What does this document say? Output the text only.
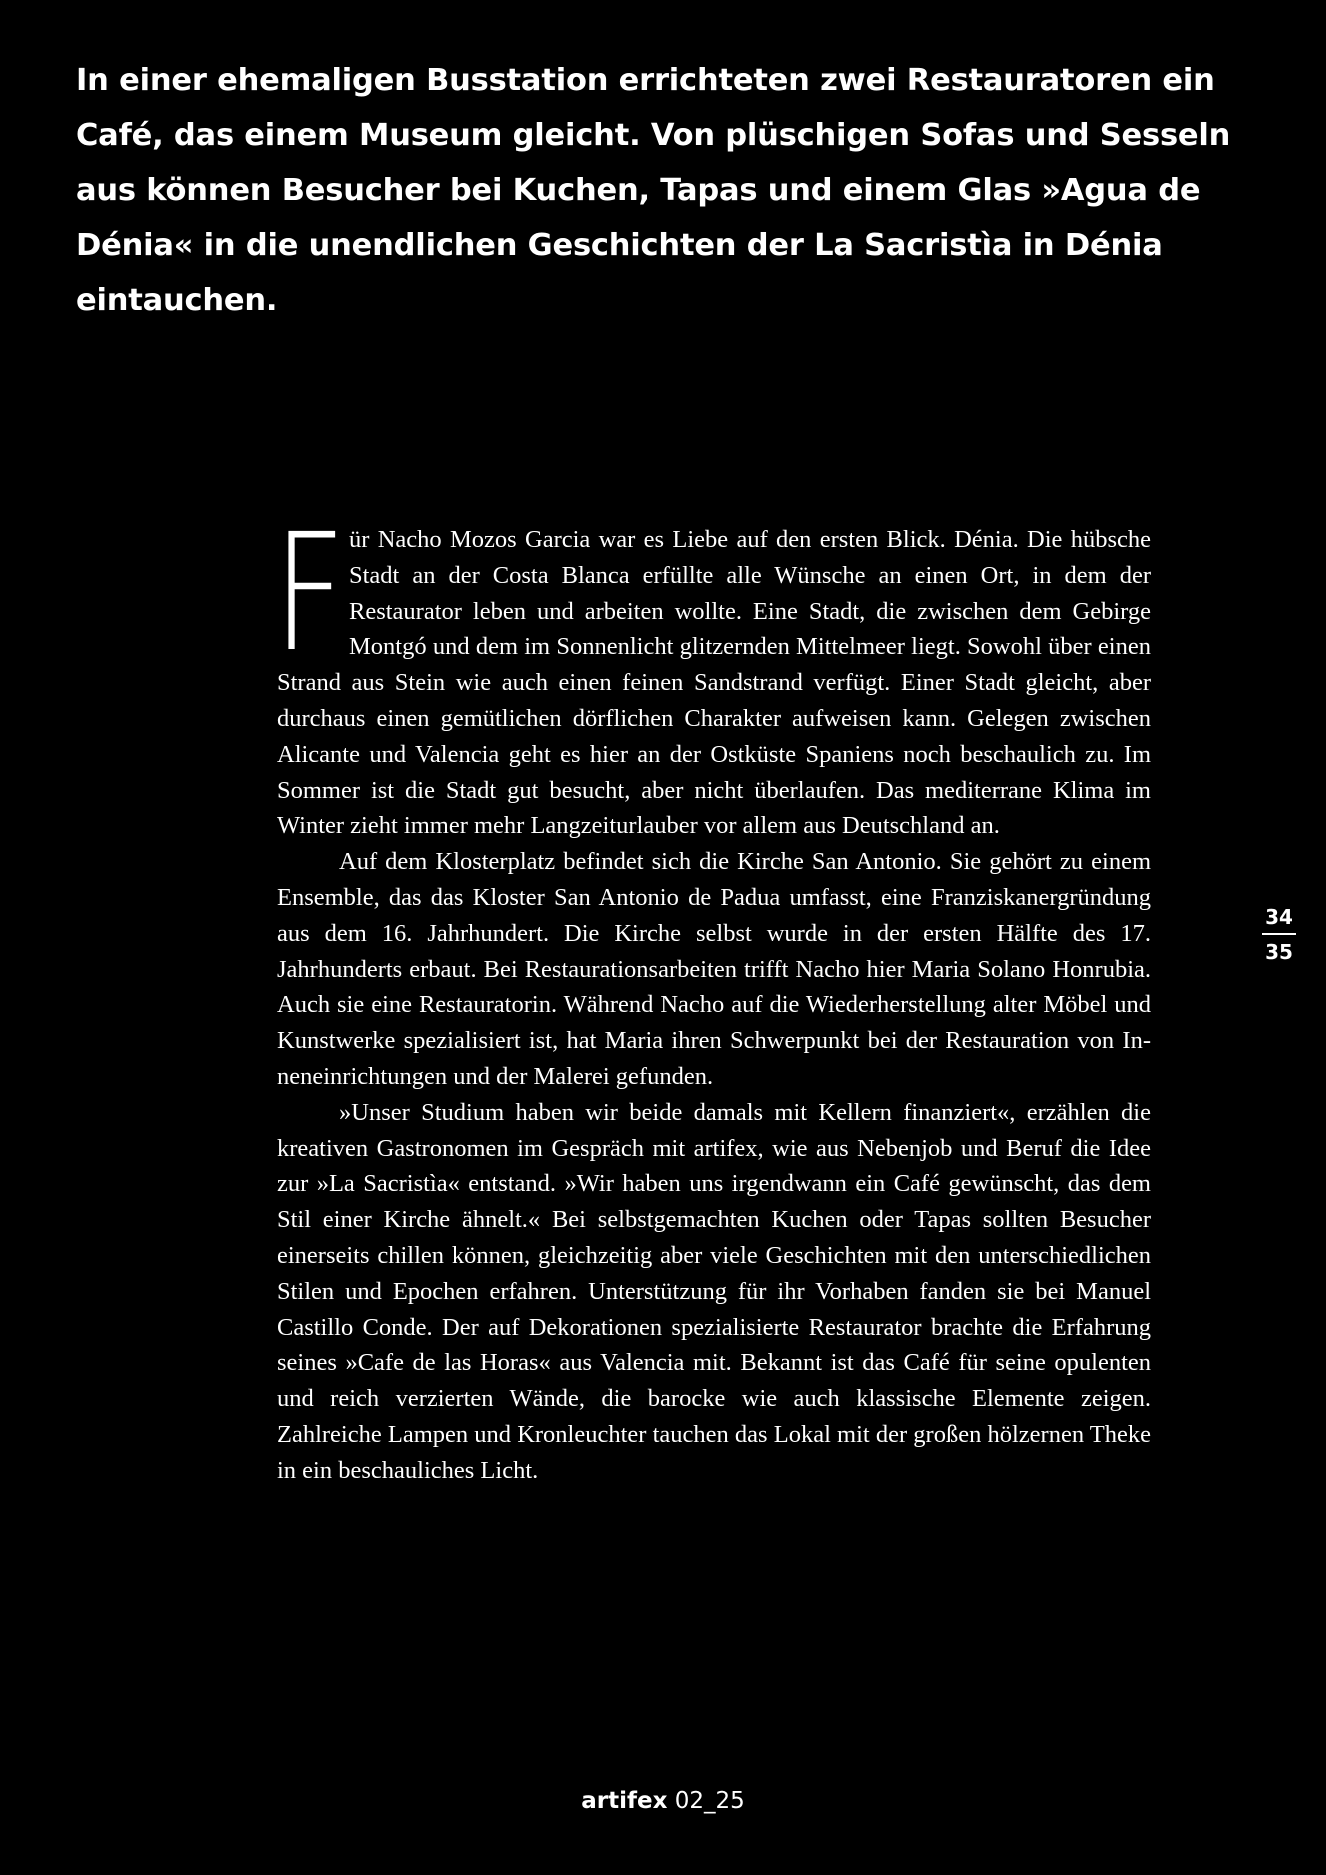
In einer ehemaligen Busstation errichteten zwei Restauratoren ein Café, das einem Museum gleicht. Von plüschigen Sofas und Sesseln aus können Besucher bei Kuchen, Tapas und einem Glas »Agua de Dénia« in die unendlichen Geschichten der La Sacristìa in Dénia eintauchen.

Für Nacho Mozos Garcia war es Liebe auf den ersten Blick. Dénia. Die hübsche Stadt an der Costa Blanca erfüllte alle Wünsche an einen Ort, in dem der Restaurator leben und arbeiten wollte. Eine Stadt, die zwischen dem Gebirge Montgó und dem im Sonnenlicht glitzernden Mittelmeer liegt. Sowohl über einen Strand aus Stein wie auch einen feinen Sandstrand verfügt. Einer Stadt gleicht, aber durchaus einen gemütlichen dörflichen Charakter aufweisen kann. Gelegen zwischen Alicante und Valencia geht es hier an der Ostküste Spaniens noch beschaulich zu. Im Sommer ist die Stadt gut besucht, aber nicht überlaufen. Das mediterrane Klima im Winter zieht immer mehr Langzeiturlauber vor allem aus Deutschland an.

Auf dem Klosterplatz befindet sich die Kirche San Antonio. Sie gehört zu einem Ensemble, das das Kloster San Antonio de Padua umfasst, eine Franziskanergründung aus dem 16. Jahrhundert. Die Kirche selbst wurde in der ersten Hälfte des 17. Jahrhunderts erbaut. Bei Restaurationsarbeiten trifft Nacho hier Maria Solano Honrubia. Auch sie eine Restauratorin. Während Nacho auf die Wiederherstellung alter Möbel und Kunstwerke spezialisiert ist, hat Maria ihren Schwerpunkt bei der Restauration von Inneneinrichtungen und der Malerei gefunden.

»Unser Studium haben wir beide damals mit Kellern finanziert«, erzählen die kreativen Gastronomen im Gespräch mit artifex, wie aus Nebenjob und Beruf die Idee zur »La Sacristìa« entstand. »Wir haben uns irgendwann ein Café gewünscht, das dem Stil einer Kirche ähnelt.« Bei selbstgemachten Kuchen oder Tapas sollten Besucher einerseits chillen können, gleichzeitig aber viele Geschichten mit den unterschiedlichen Stilen und Epochen erfahren. Unterstützung für ihr Vorhaben fanden sie bei Manuel Castillo Conde. Der auf Dekorationen spezialisierte Restaurator brachte die Erfahrung seines »Cafe de las Horas« aus Valencia mit. Bekannt ist das Café für seine opulenten und reich verzierten Wände, die barocke wie auch klassische Elemente zeigen. Zahlreiche Lampen und Kronleuchter tauchen das Lokal mit der großen hölzernen Theke in ein beschauliches Licht.

34
35
artifex 02_25
